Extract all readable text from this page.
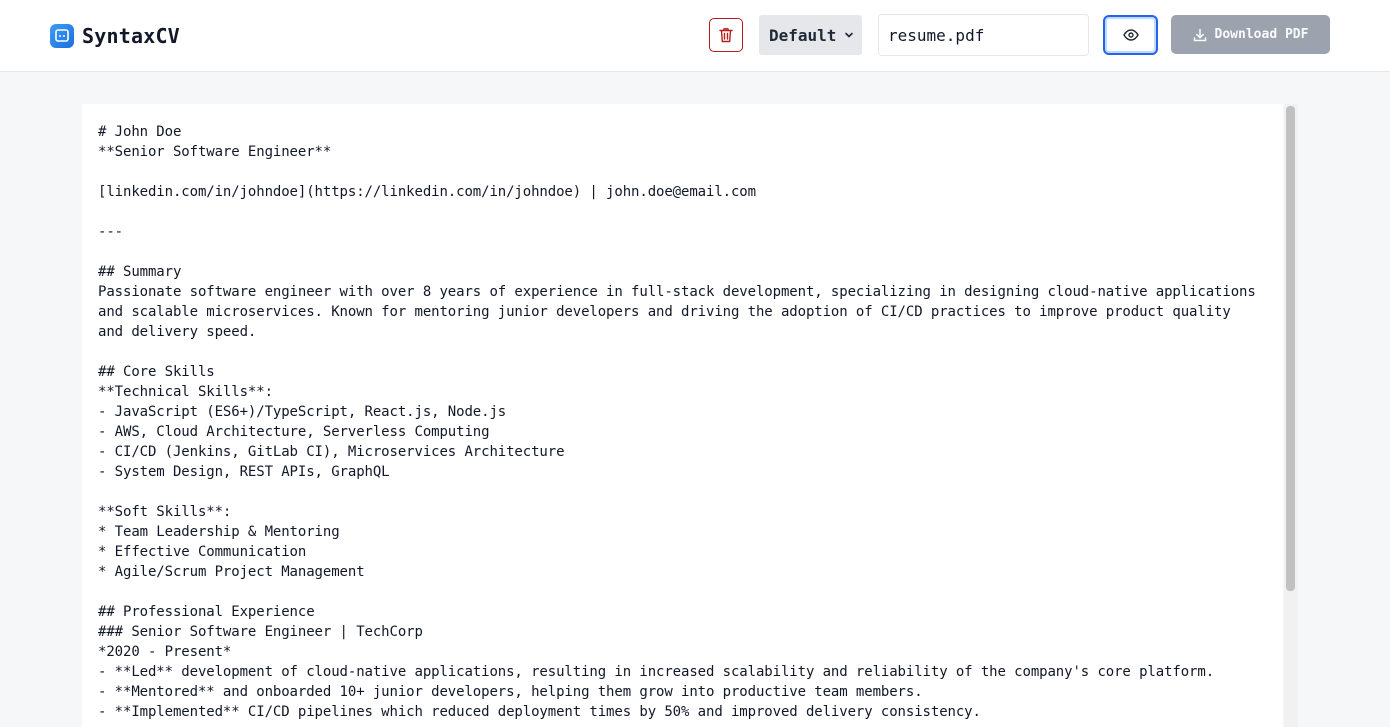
SyntaxCV	Default
resume.pdf	Download PDF
# John Doe
**Senior Software Engineer**

[linkedin.com/in/johndoe](https://linkedin.com/in/johndoe) | john.doe@email.com

---

## Summary
Passionate software engineer with over 8 years of experience in full-stack development, specializing in designing cloud-native applications
and scalable microservices. Known for mentoring junior developers and driving the adoption of CI/CD practices to improve product quality
and delivery speed.

## Core Skills
**Technical Skills**:
- JavaScript (ES6+)/TypeScript, React.js, Node.js
- AWS, Cloud Architecture, Serverless Computing
- CI/CD (Jenkins, GitLab CI), Microservices Architecture
- System Design, REST APIs, GraphQL

**Soft Skills**:
* Team Leadership & Mentoring
* Effective Communication
* Agile/Scrum Project Management

## Professional Experience
### Senior Software Engineer | TechCorp
*2020 - Present*
- **Led** development of cloud-native applications, resulting in increased scalability and reliability of the company's core platform.
- **Mentored** and onboarded 10+ junior developers, helping them grow into productive team members.
- **Implemented** CI/CD pipelines which reduced deployment times by 50% and improved delivery consistency.
